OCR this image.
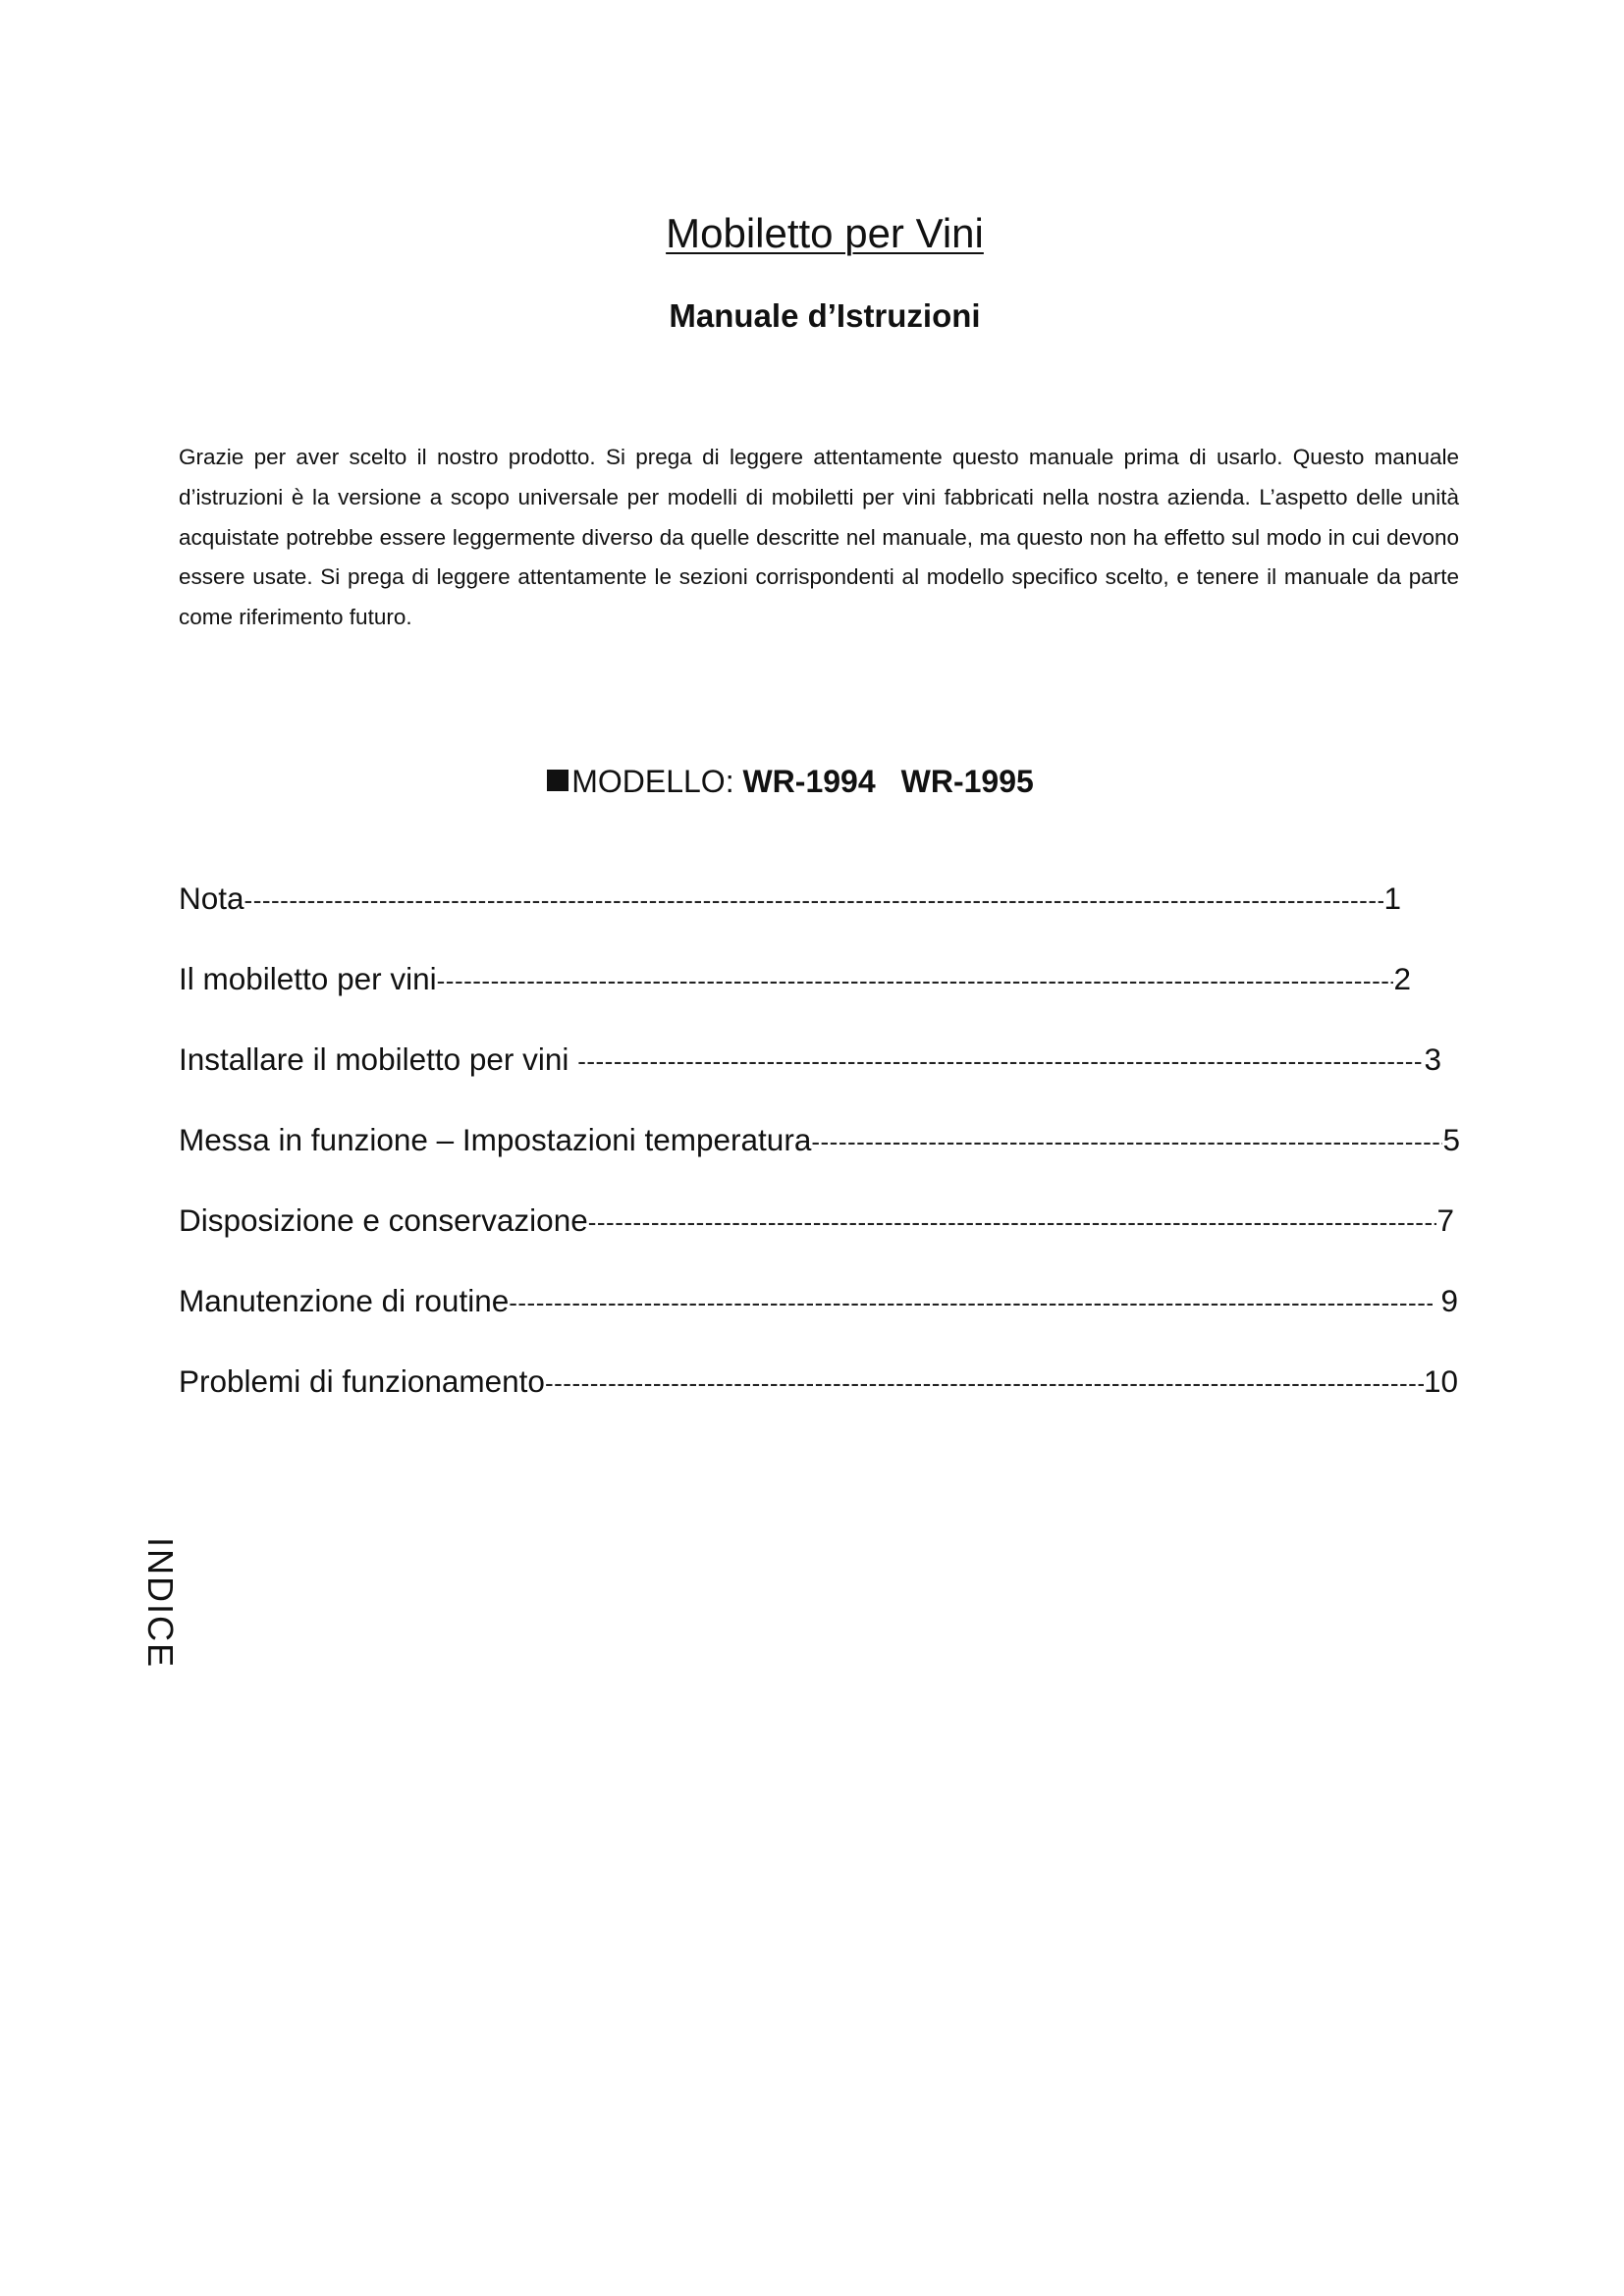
Mobiletto per Vini
Manuale d’Istruzioni

Grazie per aver scelto il nostro prodotto. Si prega di leggere attentamente questo manuale prima di usarlo. Questo manuale d’istruzioni è la versione a scopo universale per modelli di mobiletti per vini fabbricati nella nostra azienda. L’aspetto delle unità acquistate potrebbe essere leggermente diverso da quelle descritte nel manuale, ma questo non ha effetto sul modo in cui devono essere usate. Si prega di leggere attentamente le sezioni corrispondenti al modello specifico scelto, e tenere il manuale da parte come riferimento futuro.

MODELLO: WR-1994 WR-1995
Nota -----	1
Il mobiletto per vini -----	2
Installare il mobiletto per vini -----	3
Messa in funzione – Impostazioni temperatura -----	5
Disposizione e conservazione -----	7
Manutenzione di routine -----	9
Problemi di funzionamento -----	10
INDICE
